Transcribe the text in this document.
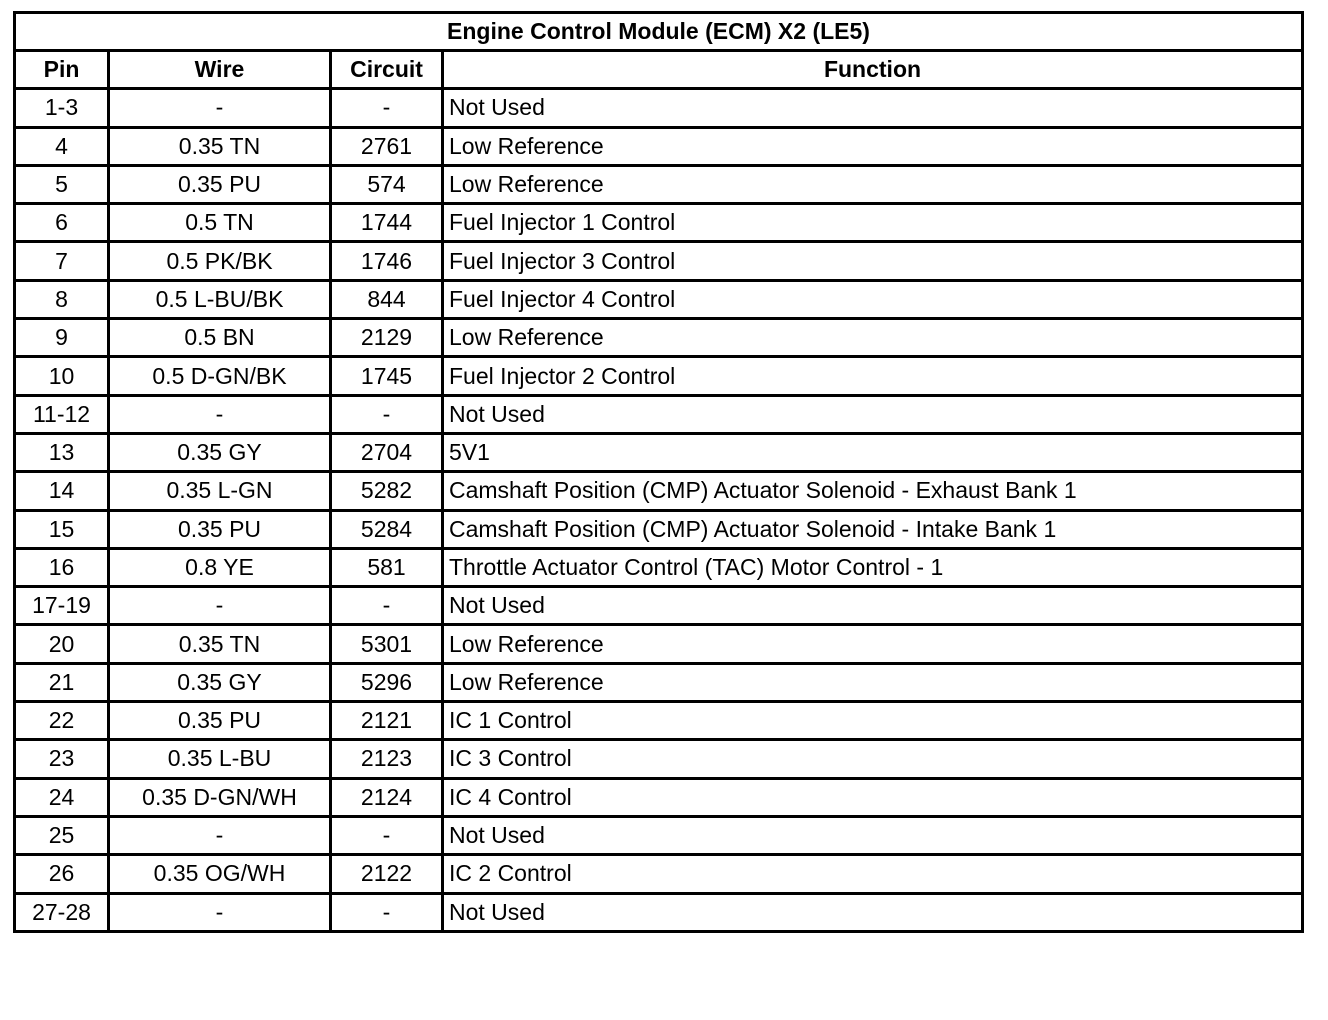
Engine Control Module (ECM) X2 (LE5)			
Pin	Wire	Circuit	Function
1-3	-	-	Not Used
4	0.35 TN	2761	Low Reference
5	0.35 PU	574	Low Reference
6	0.5 TN	1744	Fuel Injector 1 Control
7	0.5 PK/BK	1746	Fuel Injector 3 Control
8	0.5 L-BU/BK	844	Fuel Injector 4 Control
9	0.5 BN	2129	Low Reference
10	0.5 D-GN/BK	1745	Fuel Injector 2 Control
11-12	-	-	Not Used
13	0.35 GY	2704	5V1
14	0.35 L-GN	5282	Camshaft Position (CMP) Actuator Solenoid - Exhaust Bank 1
15	0.35 PU	5284	Camshaft Position (CMP) Actuator Solenoid - Intake Bank 1
16	0.8 YE	581	Throttle Actuator Control (TAC) Motor Control - 1
17-19	-	-	Not Used
20	0.35 TN	5301	Low Reference
21	0.35 GY	5296	Low Reference
22	0.35 PU	2121	IC 1 Control
23	0.35 L-BU	2123	IC 3 Control
24	0.35 D-GN/WH	2124	IC 4 Control
25	-	-	Not Used
26	0.35 OG/WH	2122	IC 2 Control
27-28	-	-	Not Used
